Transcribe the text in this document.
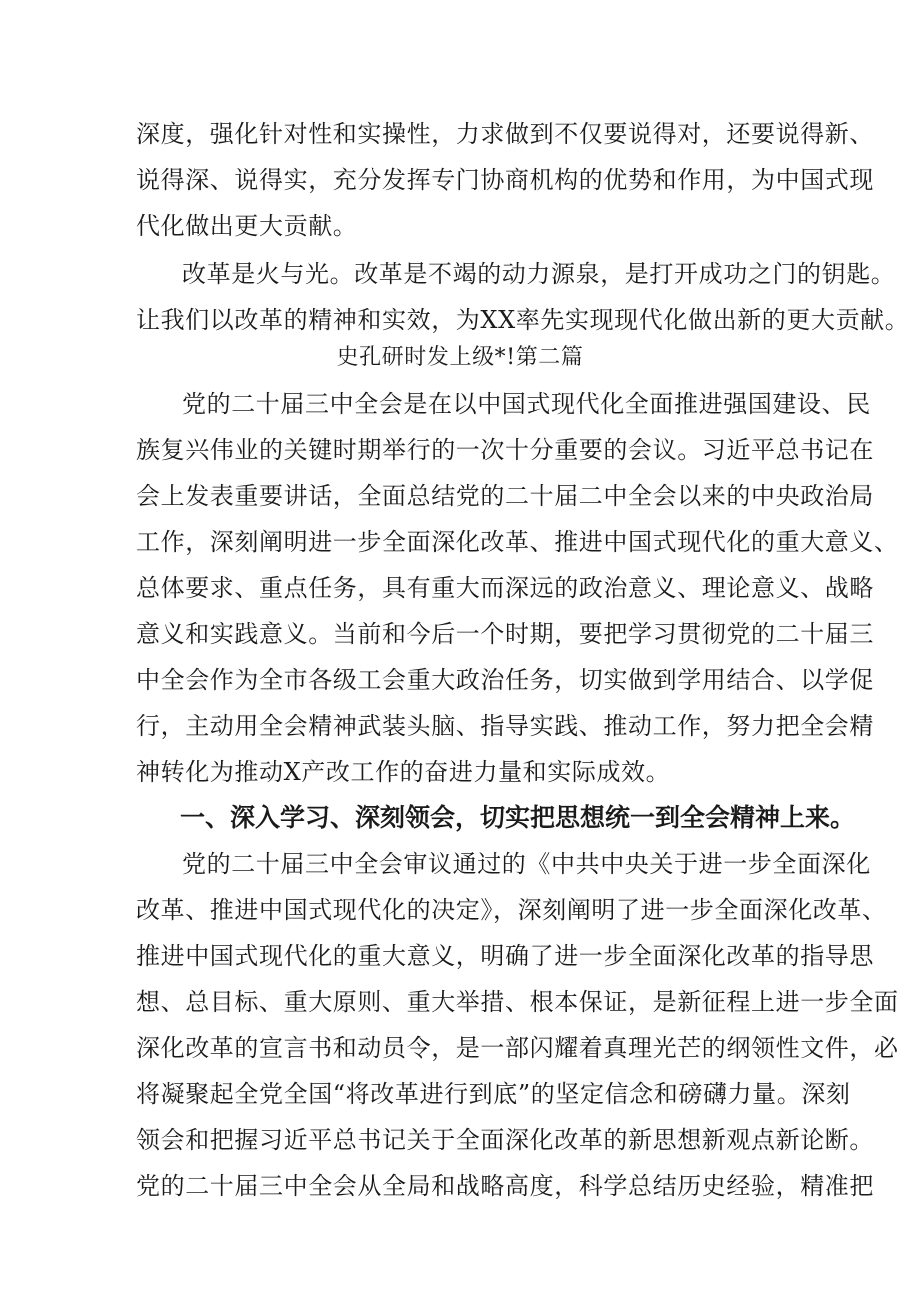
深度，强化针对性和实操性，力求做到不仅要说得对，还要说得新、
说得深、说得实，充分发挥专门协商机构的优势和作用，为中国式现
代化做出更大贡献。
改革是火与光。改革是不竭的动力源泉，是打开成功之门的钥匙。
让我们以改革的精神和实效，为XX率先实现现代化做出新的更大贡献。
史孔研时发上级*!第二篇
党的二十届三中全会是在以中国式现代化全面推进强国建设、民
族复兴伟业的关键时期举行的一次十分重要的会议。习近平总书记在
会上发表重要讲话，全面总结党的二十届二中全会以来的中央政治局
工作，深刻阐明进一步全面深化改革、推进中国式现代化的重大意义、
总体要求、重点任务，具有重大而深远的政治意义、理论意义、战略
意义和实践意义。当前和今后一个时期，要把学习贯彻党的二十届三
中全会作为全市各级工会重大政治任务，切实做到学用结合、以学促
行，主动用全会精神武装头脑、指导实践、推动工作，努力把全会精
神转化为推动X产改工作的奋进力量和实际成效。
一、深入学习、深刻领会，切实把思想统一到全会精神上来。
党的二十届三中全会审议通过的《中共中央关于进一步全面深化
改革、推进中国式现代化的决定》，深刻阐明了进一步全面深化改革、
推进中国式现代化的重大意义，明确了进一步全面深化改革的指导思
想、总目标、重大原则、重大举措、根本保证，是新征程上进一步全面
深化改革的宣言书和动员令，是一部闪耀着真理光芒的纲领性文件，必
将凝聚起全党全国“将改革进行到底”的坚定信念和磅礴力量。深刻
领会和把握习近平总书记关于全面深化改革的新思想新观点新论断。
党的二十届三中全会从全局和战略高度，科学总结历史经验，精准把
